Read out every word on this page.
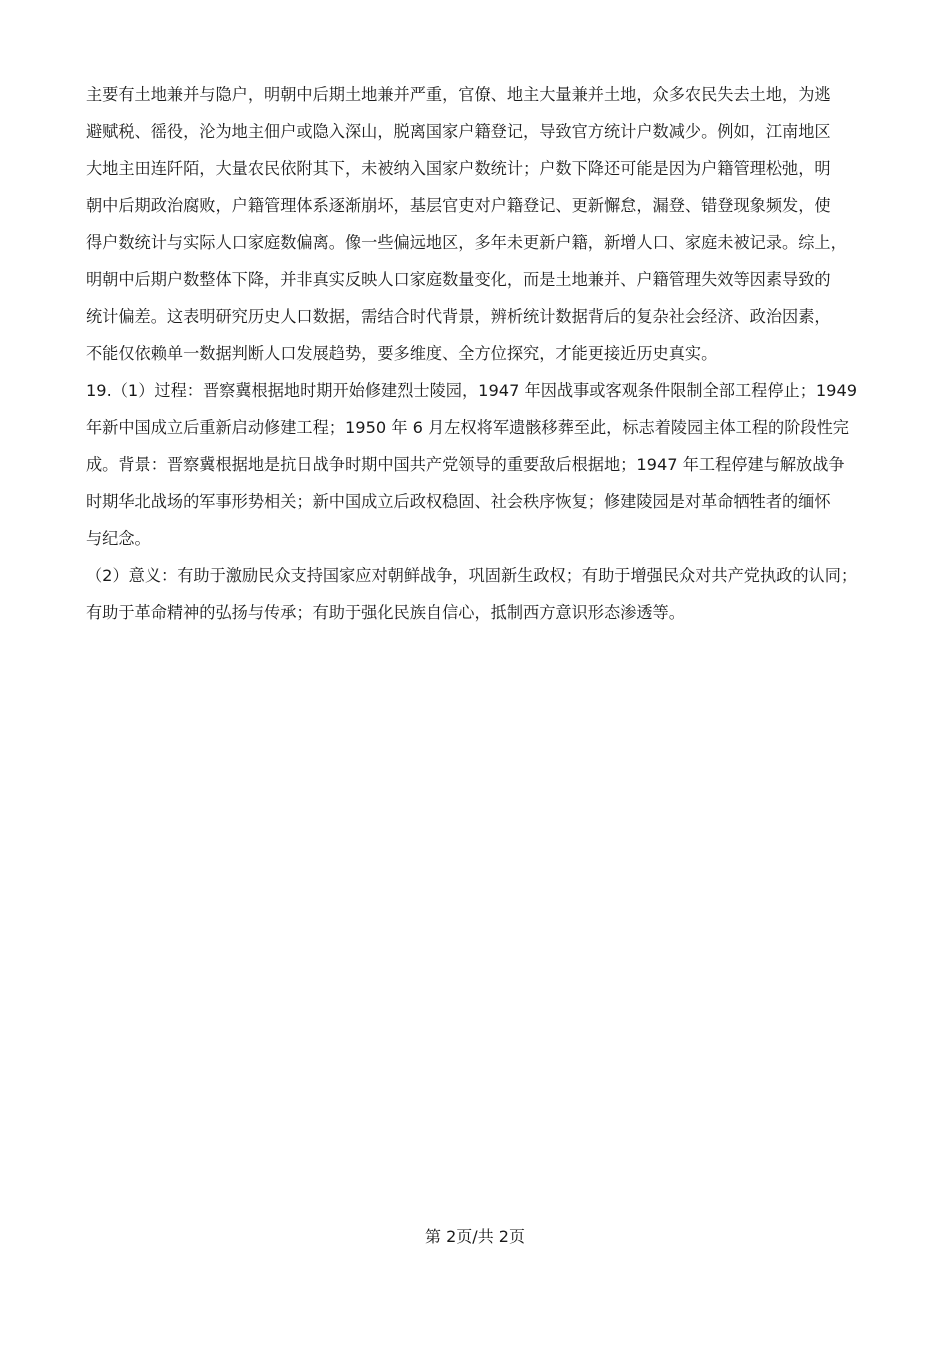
主要有土地兼并与隐户，明朝中后期土地兼并严重，官僚、地主大量兼并土地，众多农民失去土地，为逃
避赋税、徭役，沦为地主佃户或隐入深山，脱离国家户籍登记，导致官方统计户数减少。例如，江南地区
大地主田连阡陌，大量农民依附其下，未被纳入国家户数统计；户数下降还可能是因为户籍管理松弛，明
朝中后期政治腐败，户籍管理体系逐渐崩坏，基层官吏对户籍登记、更新懈怠，漏登、错登现象频发，使
得户数统计与实际人口家庭数偏离。像一些偏远地区，多年未更新户籍，新增人口、家庭未被记录。综上，
明朝中后期户数整体下降，并非真实反映人口家庭数量变化，而是土地兼并、户籍管理失效等因素导致的
统计偏差。这表明研究历史人口数据，需结合时代背景，辨析统计数据背后的复杂社会经济、政治因素，
不能仅依赖单一数据判断人口发展趋势，要多维度、全方位探究，才能更接近历史真实。
19.（1）过程：晋察冀根据地时期开始修建烈士陵园，1947 年因战事或客观条件限制全部工程停止；1949
年新中国成立后重新启动修建工程；1950 年 6 月左权将军遗骸移葬至此，标志着陵园主体工程的阶段性完
成。背景：晋察冀根据地是抗日战争时期中国共产党领导的重要敌后根据地；1947 年工程停建与解放战争
时期华北战场的军事形势相关；新中国成立后政权稳固、社会秩序恢复；修建陵园是对革命牺牲者的缅怀
与纪念。
（2）意义：有助于激励民众支持国家应对朝鲜战争，巩固新生政权；有助于增强民众对共产党执政的认同；
有助于革命精神的弘扬与传承；有助于强化民族自信心，抵制西方意识形态渗透等。
第 2页/共 2页
